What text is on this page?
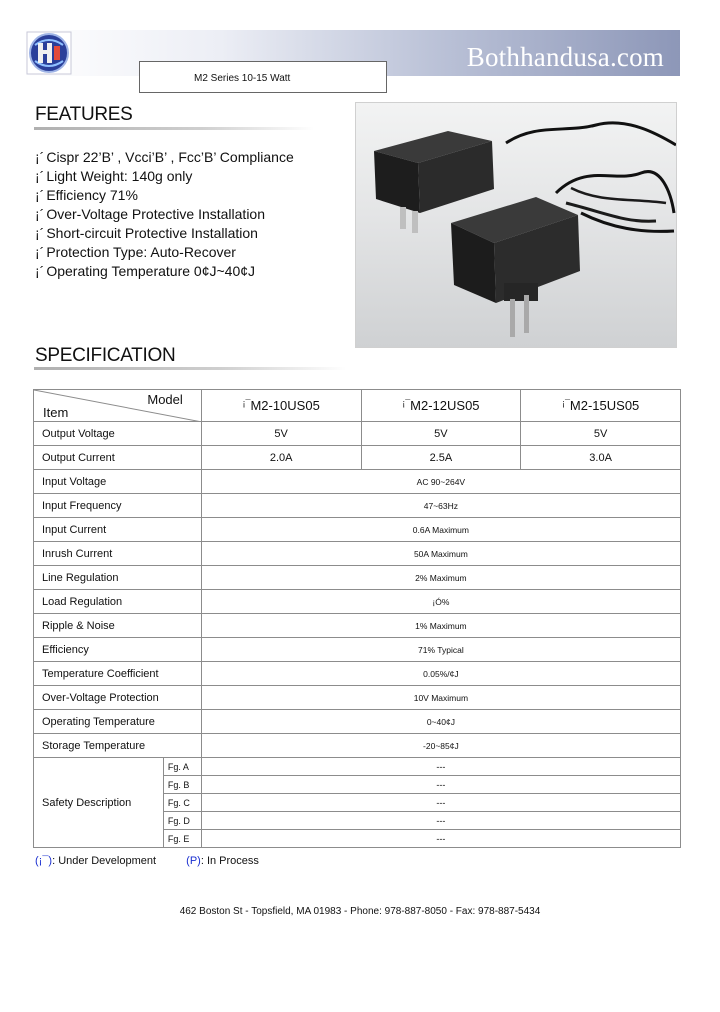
Bothhandusa.com
M2 Series 10-15 Watt
FEATURES
¡´ Cispr 22’B’ , Vcci’B’ , Fcc’B’ Compliance
¡´ Light Weight: 140g only
¡´ Efficiency 71%
¡´ Over-Voltage Protective Installation
¡´ Short-circuit Protective Installation
¡´ Protection Type: Auto-Recover
¡´ Operating Temperature 0¢J~40¢J
SPECIFICATION
Model
Item		¡¯M2-10US05	¡¯M2-12US05	¡¯M2-15US05
Output Voltage		5V	5V	5V
Output Current		2.0A	2.5A	3.0A
Input Voltage		AC 90~264V		
Input Frequency		47~63Hz		
Input Current		0.6A Maximum		
Inrush Current		50A Maximum		
Line Regulation		2% Maximum		
Load Regulation		¡Ó%		
Ripple & Noise		1% Maximum		
Efficiency		71% Typical		
Temperature Coefficient		0.05%/¢J		
Over-Voltage Protection		10V Maximum		
Operating Temperature		0~40¢J		
Storage Temperature		-20~85¢J		
Safety Description	Fg. A	---		
	Fg. B	---		
	Fg. C	---		
	Fg. D	---		
	Fg. E	---		
(¡¯): Under Development	(P): In Process
462 Boston St - Topsfield, MA 01983 - Phone: 978-887-8050 - Fax: 978-887-5434
